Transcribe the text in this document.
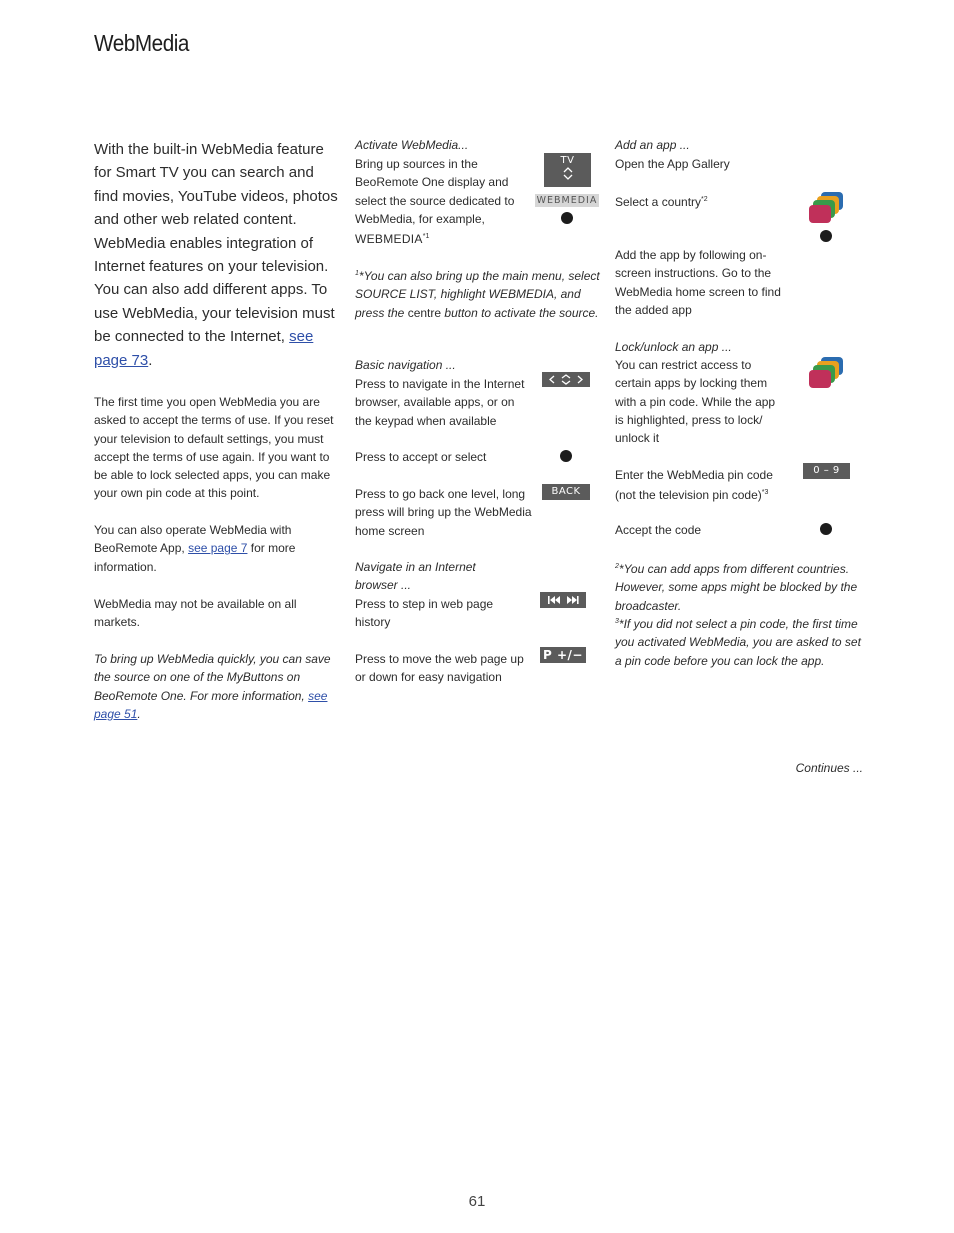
WebMedia
With the built-in WebMedia feature for Smart TV you can search and find movies, YouTube videos, photos and other web related content. WebMedia enables integration of Internet features on your television. You can also add different apps. To use WebMedia, your television must be connected to the Internet, see page 73.
The first time you open WebMedia you are asked to accept the terms of use. If you reset your television to default settings, you must accept the terms of use again. If you want to be able to lock selected apps, you can make your own pin code at this point.
You can also operate WebMedia with BeoRemote App, see page 7 for more information.
WebMedia may not be available on all markets.
To bring up WebMedia quickly, you can save the source on one of the MyButtons on BeoRemote One. For more information, see page 51.
Activate WebMedia...
Bring up sources in the BeoRemote One display and select the source dedicated to WebMedia, for example,
WEBMEDIA$^{*1}$
TV
WEBMEDIA
$^1$*You can also bring up the main menu, select SOURCE LIST, highlight WEBMEDIA, and press the centre button to activate the source.
Basic navigation ...
Press to navigate in the Internet browser, available apps, or on the keypad when available
Press to accept or select
Press to go back one level, long press will bring up the WebMedia home screen
BACK
Navigate in an Internet browser ...
Press to step in web page history
Press to move the web page up or down for easy navigation
P +/−
Add an app ...
Open the App Gallery
Select a country$^{*2}$
Add the app by following on-screen instructions. Go to the WebMedia home screen to find the added app
Lock/unlock an app ...
You can restrict access to certain apps by locking them with a pin code. While the app is highlighted, press to lock/ unlock it
Enter the WebMedia pin code (not the television pin code)$^{*3}$
0 – 9
Accept the code
$^2$*You can add apps from different countries. However, some apps might be blocked by the broadcaster.
$^3$*If you did not select a pin code, the first time you activated WebMedia, you are asked to set a pin code before you can lock the app.
Continues ...
61
